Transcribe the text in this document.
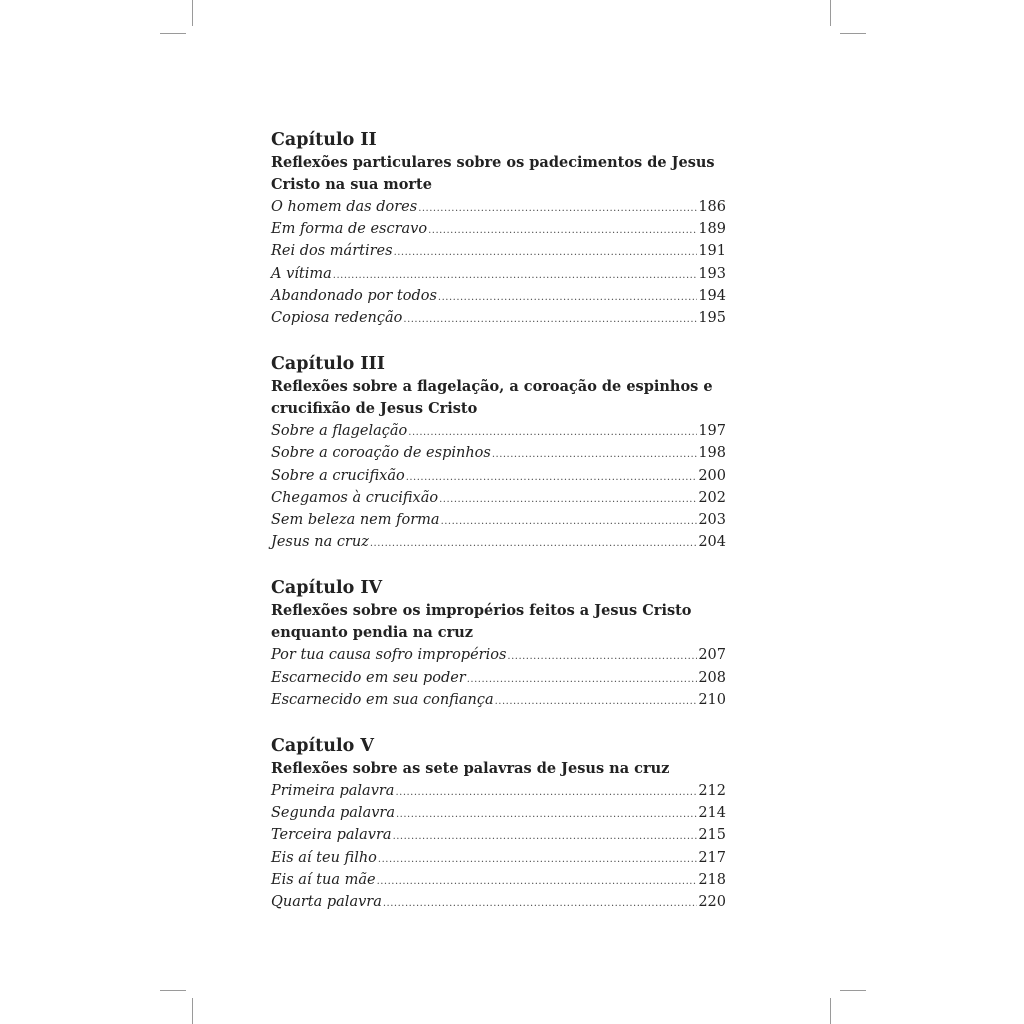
Capítulo II
Reflexões particulares sobre os padecimentos de Jesus Cristo na sua morte
O homem das dores .....	186
Em forma de escravo .....	189
Rei dos mártires .....	191
A vítima .....	193
Abandonado por todos .....	194
Copiosa redenção .....	195
Capítulo III
Reflexões sobre a flagelação, a coroação de espinhos e crucifixão de Jesus Cristo
Sobre a flagelação .....	197
Sobre a coroação de espinhos .....	198
Sobre a crucifixão .....	200
Chegamos à crucifixão .....	202
Sem beleza nem forma .....	203
Jesus na cruz .....	204
Capítulo IV
Reflexões sobre os impropérios feitos a Jesus Cristo enquanto pendia na cruz
Por tua causa sofro impropérios .....	207
Escarnecido em seu poder .....	208
Escarnecido em sua confiança .....	210
Capítulo V
Reflexões sobre as sete palavras de Jesus na cruz
Primeira palavra .....	212
Segunda palavra .....	214
Terceira palavra .....	215
Eis aí teu filho .....	217
Eis aí tua mãe .....	218
Quarta palavra .....	220
